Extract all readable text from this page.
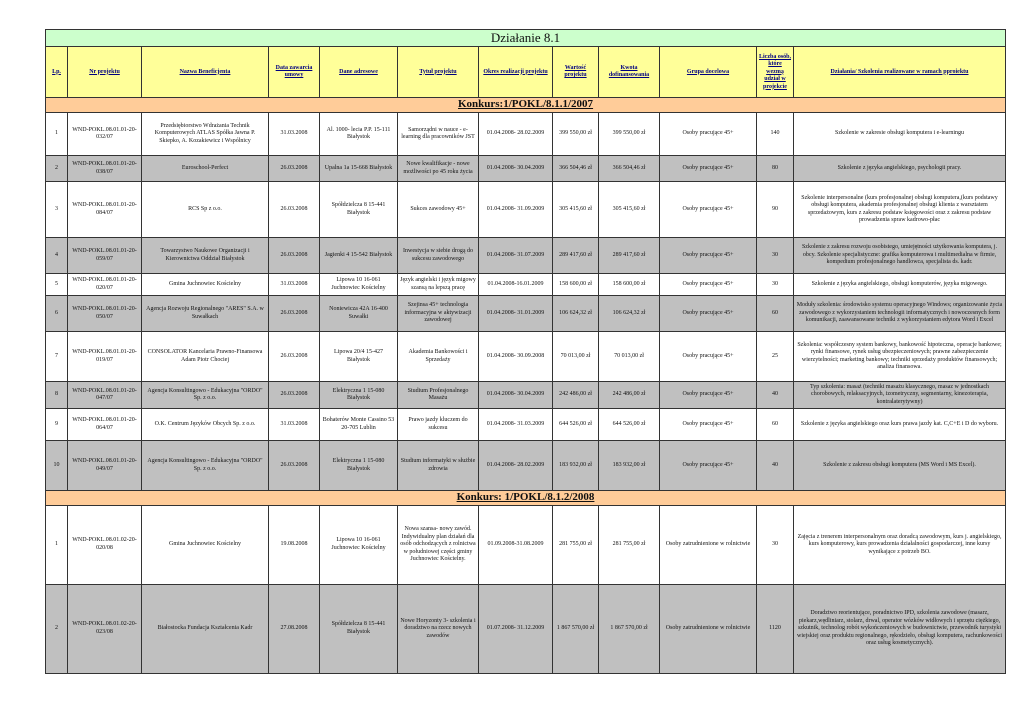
Działanie 8.1											
Lp.	Nr projektu	Nazwa Beneficjenta	Data zawarcia umowy	Dane adresowe	Tytuł projektu	Okres realizacji projektu	Wartość projektu	Kwota dofinansowania	Grupa docelowa	Liczba osób, które wezmą udział w projekcie	Działania/ Szkolenia realizowane w ramach pproiektu
Konkurs:1/POKL/8.1.1/2007											
1	WND-POKL.08.01.01-20-032/07	Przedsiębiorstwo Wdrażania Technik Komputerowych ATLAS Spółka Jawna P. Skiepko, A. Kozakiewicz i Wspólnicy	31.03.2008	Al. 1000- lecia P.P. 15-111 Białystok	Samorządni w nauce - e-learning dla pracowników JST	01.04.2008- 28.02.2009	399 550,00 zł	399 550,00 zł	Osoby pracujące 45+	140	Szkolenie w zakresie obsługi komputera i e-learningu
2	WND-POKL.08.01.01-20-038/07	Euroschool-Perfect	26.03.2008	Upalna 1a 15-668 Białystok	Nowe kwalifikacje - nowe możliwości po 45 roku życia	01.04.2008- 30.04.2009	366 504,46 zł	366 504,46 zł	Osoby pracujące 45+	80	Szkolenie z języka angielskiego, psychologii pracy.
3	WND-POKL.08.01.01-20-084/07	RCS Sp z o.o.	26.03.2008	Spółdzielcza 8 15-441 Białystok	Sukces zawodowy 45+	01.04.2008- 31.09.2009	305 415,60 zł	305 415,60 zł	Osoby pracujące 45+	90	Szkolenie interpersonalne (kurs profesjonalnej obsługi komputera,(kurs podstawy obsługi komputera, akademia profesjonalnej obsługi klienta z warsztatem sprzedażowym, kurs z zakresu podstaw księgowości oraz z zakresu podstaw prowadzenia spraw kadrowo-płac
4	WND-POKL.08.01.01-20-059/07	Towarzystwo Naukowe Organizacji i Kierownictwa Oddział Białystok	26.03.2008	Jagienki 4 15-542 Białystok	Inwestycja w siebie drogą do sukcesu zawodowego	01.04.2008- 31.07.2009	289 417,60 zł	289 417,60 zł	Osoby pracujące 45+	30	Szkolenie z zakresu rozwoju osobistego, umiejętności użytkowania komputera, j. obcy. Szkolenie specjalistyczne: grafika komputerowa i multimedialna w firmie, kompedium profesjonalnego handlowca, specjalista ds. kadr.
5	WND-POKL.08.01.01-20-020/07	Gmina Juchnowiec Kościelny	31.03.2008	Lipowa 10 16-061 Juchnowiec Kościelny	Język angielski i język migowy szansą na lepszą pracę	01.04.2008-16.01.2009	158 600,00 zł	158 600,00 zł	Osoby pracujące 45+	30	Szkolenie z języka angielskiego, obsługi komputerów, języka migowego.
6	WND-POKL.08.01.01-20-050/07	Agencja Rozwoju Regionalnego "ARES" S.A. w Suwałkach	26.03.2008	Noniewicza 42A 16-400 Suwałki	Szejinsa 45+ technologia informacyjna w aktywizacji zawodowej	01.04.2008- 31.01.2009	106 624,32 zł	106 624,32 zł	Osoby pracujące 45+	60	Moduły szkolenia: środowisko systemu operacyjnego Windows; organizowanie życia zawodowego z wykorzystaniem technologii informatycznych i nowoczesnych form komunikacji, zaawansowane techniki z wykorzystaniem edytora Word i Excel
7	WND-POKL.08.01.01-20-019/07	CONSOLATOR Kancelaria Prawno-Finansowa Adam Piotr Chociej	26.03.2008	Lipowa 20/4 15-427 Białystok	Akademia Bankowości i Sprzedaży	01.04.2008- 30.09.2008	70 013,00 zł	70 013,00 zł	Osoby pracujące 45+	25	Szkolenia: współczesny system bankowy, bankowość hipoteczna, operacje bankowe; rynki finansowe, rynek usług ubezpieczeniowych; prawne zabezpieczenie wierzytelności; marketing bankowy; techniki sprzedaży produktów finansowych; analiza finansowa.
8	WND-POKL.08.01.01-20-047/07	Agencja Konsultingowo - Edukacyjna "ORDO" Sp. z o.o.	26.03.2008	Elektryczna 1 15-080 Białystok	Studium Profesjonalnego Masażu	01.04.2008- 30.04.2009	242 486,00 zł	242 486,00 zł	Osoby pracujące 45+	40	Typ szkolenia: masaż (techniki masażu klasycznego, masaz w jednostkach chorobowych, relaksacyjnych, izometryczny, segmentarny, kinezoterapia, kontralaterytywny)
9	WND-POKL.08.01.01-20-064/07	O.K. Centrum Języków Obcych Sp. z o.o.	31.03.2008	Bohaterów Monte Cassino 53 20-705 Lublin	Prawo jazdy kluczem do sukcesu	01.04.2008- 31.03.2009	644 526,00 zł	644 526,00 zł	Osoby pracujące 45+	60	Szkolenie z języka angielskiego oraz kurs prawa jazdy kat. C,C+E i D do wyboru.
10	WND-POKL.08.01.01-20-049/07	Agencja Konsultingowo - Edukacyjna "ORDO" Sp. z o.o.	26.03.2008	Elektryczna 1 15-080 Białystok	Studium informatyki w służbie zdrowia	01.04.2008- 28.02.2009	183 932,00 zł	183 932,00 zł	Osoby pracujące 45+	40	Szkolenie z zakresu obsługi komputera (MS Word i MS Excel).
Konkurs: 1/POKL/8.1.2/2008											
1	WND-POKL.08.01.02-20-020/08	Gmina Juchnowiec Kościelny	19.08.2008	Lipowa 10 16-061 Juchnowiec Kościelny	Nowa szansa- nowy zawód. Indywidualny plan działań dla osób odchodzących z rolnictwa w południowej części gminy Juchnowiec Kościelny.	01.09.2008-31.08.2009	281 755,00 zł	281 755,00 zł	Osoby zatrudnienione w rolnictwie	30	Zajęcia z trenerem interpersonalnym oraz doradcą zawodowym, kurs j. angielskiego, kurs komputerowy, kurs prowadzenia działalności gospodarczej, inne kursy wynikające z potrzeb BO.
2	WND-POKL.08.01.02-20-023/08	Białostocka Fundacja Kształcenia Kadr	27.08.2008	Spółdzielcza 8 15-441 Białystok	Nowe Horyzonty 3- szkolenia i doradztwo na rzecz nowych zawodów	01.07.2008- 31.12.2009	1 867 570,00 zł	1 867 570,00 zł	Osoby zatrudnienione w rolnictwie	1120	Doradztwo reorientujące, poradnictwo IPD, szkolenia zawodowe (masarz, piekarz,wędliniarz, stolarz, drwal, operator wózków widłowych i sprzętu ciężkiego, szkutnik, technolog robót wykończeniowych w budownictwie, przewodnik turystyki wiejskiej oraz produktu regionalnego, rękodzieło, obsługi komputera, rachunkowości oraz usług kosmetycznych).
